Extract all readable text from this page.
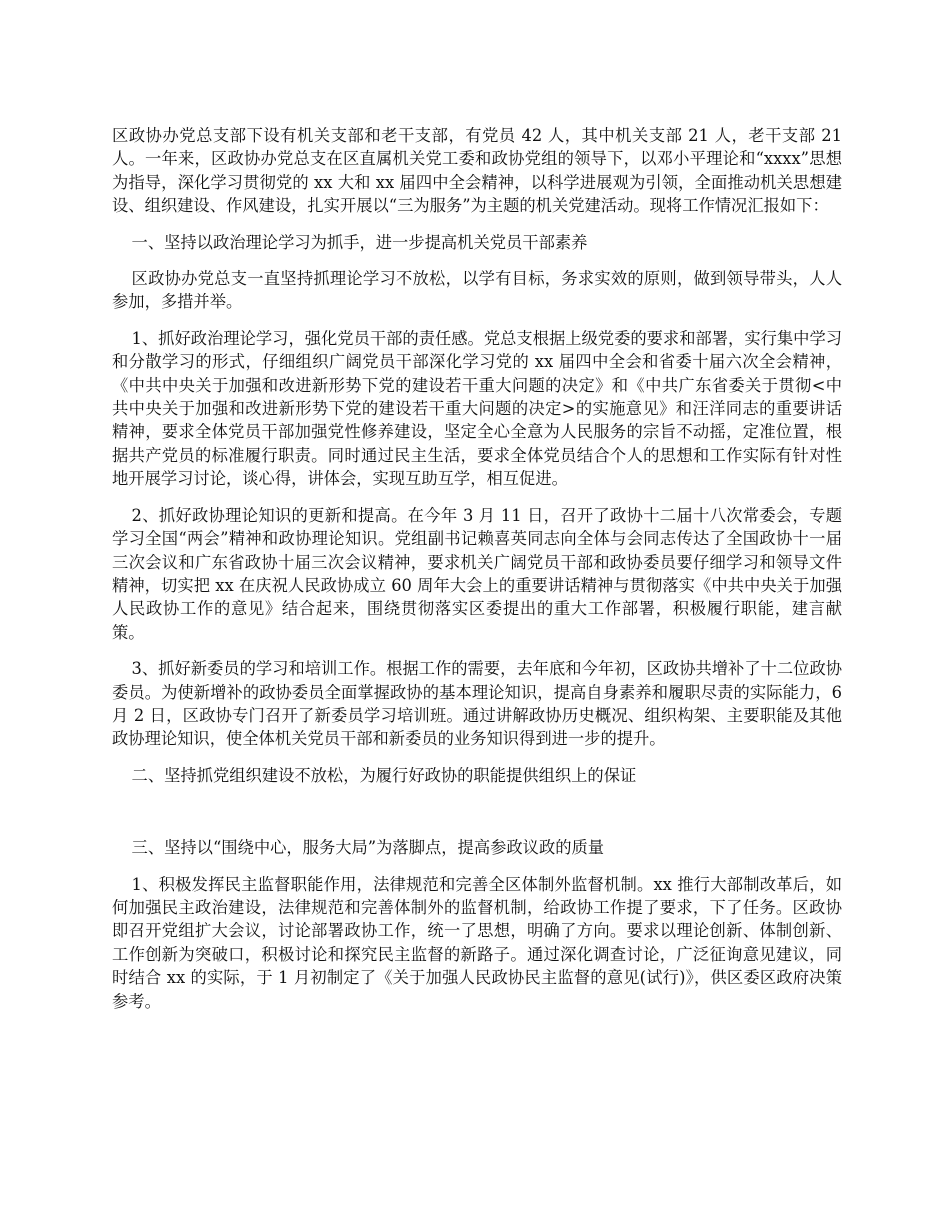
区政协办党总支部下设有机关支部和老干支部，有党员 42 人，其中机关支部 21 人，老干支部 21 人。一年来，区政协办党总支在区直属机关党工委和政协党组的领导下，以邓小平理论和“xxxx”思想为指导，深化学习贯彻党的 xx 大和 xx 届四中全会精神，以科学进展观为引领，全面推动机关思想建设、组织建设、作风建设，扎实开展以“三为服务”为主题的机关党建活动。现将工作情况汇报如下：

一、坚持以政治理论学习为抓手，进一步提高机关党员干部素养

区政协办党总支一直坚持抓理论学习不放松，以学有目标，务求实效的原则，做到领导带头，人人参加，多措并举。

1、抓好政治理论学习，强化党员干部的责任感。党总支根据上级党委的要求和部署，实行集中学习和分散学习的形式，仔细组织广阔党员干部深化学习党的 xx 届四中全会和省委十届六次全会精神，《中共中央关于加强和改进新形势下党的建设若干重大问题的决定》和《中共广东省委关于贯彻<中共中央关于加强和改进新形势下党的建设若干重大问题的决定>的实施意见》和汪洋同志的重要讲话精神，要求全体党员干部加强党性修养建设，坚定全心全意为人民服务的宗旨不动摇，定准位置，根据共产党员的标准履行职责。同时通过民主生活，要求全体党员结合个人的思想和工作实际有针对性地开展学习讨论，谈心得，讲体会，实现互助互学，相互促进。

2、抓好政协理论知识的更新和提高。在今年 3 月 11 日，召开了政协十二届十八次常委会，专题学习全国“两会”精神和政协理论知识。党组副书记赖喜英同志向全体与会同志传达了全国政协十一届三次会议和广东省政协十届三次会议精神，要求机关广阔党员干部和政协委员要仔细学习和领导文件精神，切实把 xx 在庆祝人民政协成立 60 周年大会上的重要讲话精神与贯彻落实《中共中央关于加强人民政协工作的意见》结合起来，围绕贯彻落实区委提出的重大工作部署，积极履行职能，建言献策。

3、抓好新委员的学习和培训工作。根据工作的需要，去年底和今年初，区政协共增补了十二位政协委员。为使新增补的政协委员全面掌握政协的基本理论知识，提高自身素养和履职尽责的实际能力，6 月 2 日，区政协专门召开了新委员学习培训班。通过讲解政协历史概况、组织构架、主要职能及其他政协理论知识，使全体机关党员干部和新委员的业务知识得到进一步的提升。

二、坚持抓党组织建设不放松，为履行好政协的职能提供组织上的保证

三、坚持以“围绕中心，服务大局”为落脚点，提高参政议政的质量

1、积极发挥民主监督职能作用，法律规范和完善全区体制外监督机制。xx 推行大部制改革后，如何加强民主政治建设，法律规范和完善体制外的监督机制，给政协工作提了要求，下了任务。区政协即召开党组扩大会议，讨论部署政协工作，统一了思想，明确了方向。要求以理论创新、体制创新、工作创新为突破口，积极讨论和探究民主监督的新路子。通过深化调查讨论，广泛征询意见建议，同时结合 xx 的实际，于 1 月初制定了《关于加强人民政协民主监督的意见(试行)》，供区委区政府决策参考。
